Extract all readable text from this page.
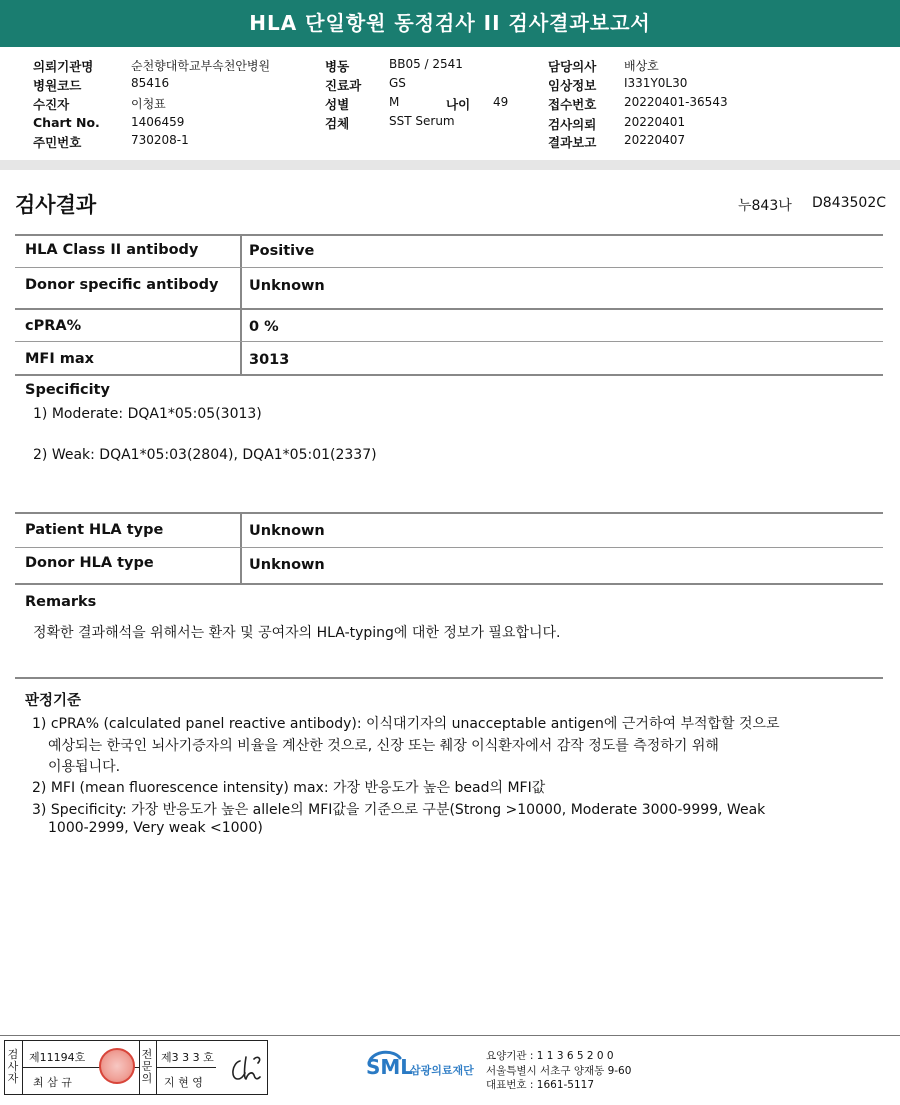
HLA 단일항원 동정검사 II 검사결과보고서
의뢰기관명	순천향대학교부속천안병원
병원코드	85416
수진자	이청표
Chart No.	1406459
주민번호	730208-1
병동	BB05 / 2541
진료과 GS
성별	M	나이 49
검체	SST Serum
담당의사 배상호
임상정보 I331Y0L30
접수번호 20220401-36543
검사의뢰 20220401
결과보고 20220407
검사결과	누843나 D843502C
HLA Class II antibody	Positive
Donor specific antibody Unknown
cPRA%	0 %
MFI max	3013
Specificity
1) Moderate: DQA1*05:05(3013)
2) Weak: DQA1*05:03(2804), DQA1*05:01(2337)
Patient HLA type	Unknown
Donor HLA type	Unknown
Remarks
정확한 결과해석을 위해서는 환자 및 공여자의 HLA-typing에 대한 정보가 필요합니다.
판정기준
1) cPRA% (calculated panel reactive antibody): 이식대기자의 unacceptable antigen에 근거하여 부적합할 것으로
예상되는 한국인 뇌사기증자의 비율을 계산한 것으로, 신장 또는 췌장 이식환자에서 감작 정도를 측정하기 위해
이용됩니다.
2) MFI (mean fluorescence intensity) max: 가장 반응도가 높은 bead의 MFI값
3) Specificity: 가장 반응도가 높은 allele의 MFI값을 기준으로 구분(Strong >10000, Moderate 3000-9999, Weak
1000-2999, Very weak <1000)
검
사
자
제11194호
최 삼 규
전
문
의
제3 3 3 호
지 현 영
SML
삼광의료재단
요양기관 : 1 1 3 6 5 2 0 0
서울특별시 서초구 양재동 9-60
대표번호 : 1661-5117
